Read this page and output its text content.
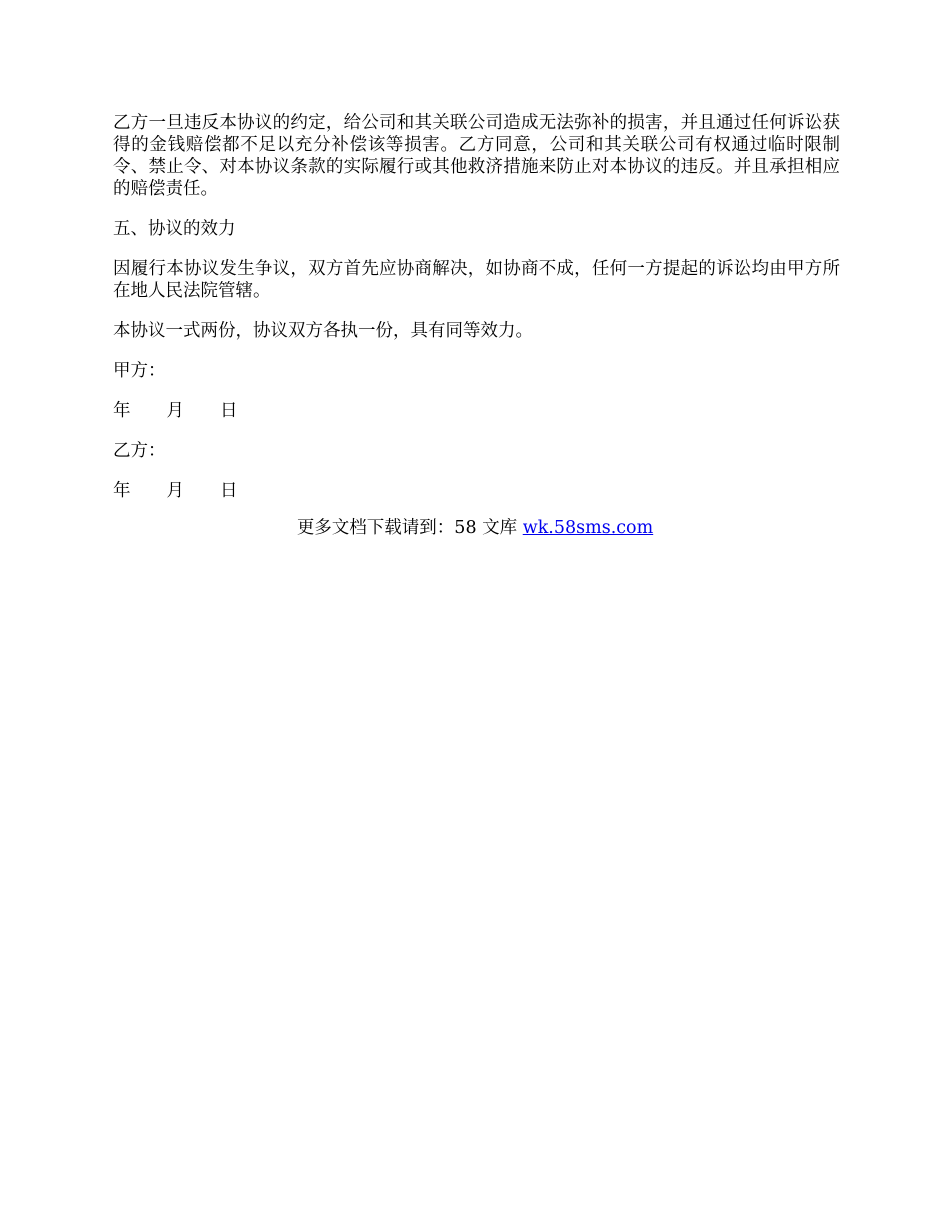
乙方一旦违反本协议的约定，给公司和其关联公司造成无法弥补的损害，并且通过任何诉讼获得的金钱赔偿都不足以充分补偿该等损害。乙方同意，公司和其关联公司有权通过临时限制令、禁止令、对本协议条款的实际履行或其他救济措施来防止对本协议的违反。并且承担相应的赔偿责任。

五、协议的效力

因履行本协议发生争议，双方首先应协商解决，如协商不成，任何一方提起的诉讼均由甲方所在地人民法院管辖。

本协议一式两份，协议双方各执一份，具有同等效力。

甲方：

年 月 日

乙方：

年 月 日

更多文档下载请到：58 文库 wk.58sms.com
